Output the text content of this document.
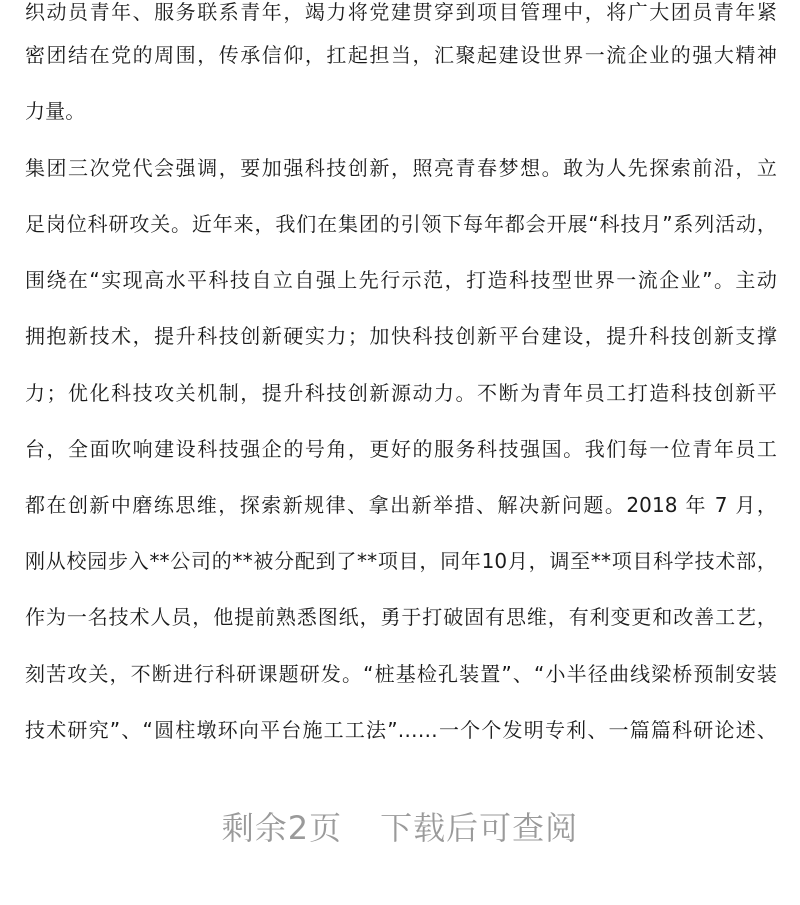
织动员青年、服务联系青年，竭力将党建贯穿到项目管理中，将广大团员青年紧
密团结在党的周围，传承信仰，扛起担当，汇聚起建设世界一流企业的强大精神
力量。
集团三次党代会强调，要加强科技创新，照亮青春梦想。敢为人先探索前沿，立
足岗位科研攻关。近年来，我们在集团的引领下每年都会开展“科技月”系列活动，
围绕在“实现高水平科技自立自强上先行示范，打造科技型世界一流企业”。主动
拥抱新技术，提升科技创新硬实力；加快科技创新平台建设，提升科技创新支撑
力；优化科技攻关机制，提升科技创新源动力。不断为青年员工打造科技创新平
台，全面吹响建设科技强企的号角，更好的服务科技强国。我们每一位青年员工
都在创新中磨练思维，探索新规律、拿出新举措、解决新问题。2018 年 7 月，
刚从校园步入**公司的**被分配到了**项目，同年10月，调至**项目科学技术部，
作为一名技术人员，他提前熟悉图纸，勇于打破固有思维，有利变更和改善工艺，
刻苦攻关，不断进行科研课题研发。“桩基检孔装置”、“小半径曲线梁桥预制安装
技术研究”、“圆柱墩环向平台施工工法”……一个个发明专利、一篇篇科研论述、
剩余2页 下载后可查阅
